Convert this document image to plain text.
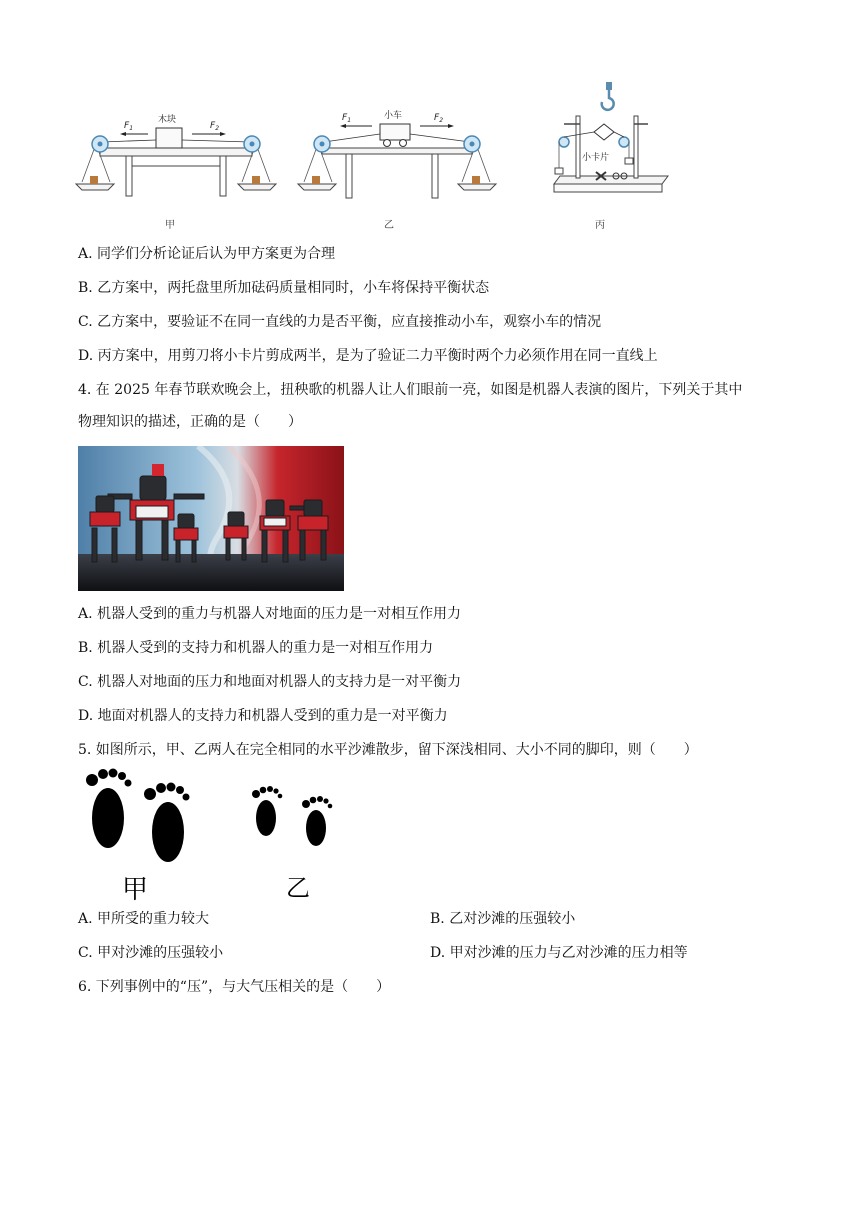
木块
$F_1$	$F_2$
甲
小车
$F_1$	$F_2$
乙
小卡片
丙
A. 同学们分析论证后认为甲方案更为合理
B. 乙方案中，两托盘里所加砝码质量相同时，小车将保持平衡状态
C. 乙方案中，要验证不在同一直线的力是否平衡，应直接推动小车，观察小车的情况
D. 丙方案中，用剪刀将小卡片剪成两半，是为了验证二力平衡时两个力必须作用在同一直线上
4. 在 2025 年春节联欢晚会上，扭秧歌的机器人让人们眼前一亮，如图是机器人表演的图片，下列关于其中
物理知识的描述，正确的是（　　）
A. 机器人受到的重力与机器人对地面的压力是一对相互作用力
B. 机器人受到的支持力和机器人的重力是一对相互作用力
C. 机器人对地面的压力和地面对机器人的支持力是一对平衡力
D. 地面对机器人的支持力和机器人受到的重力是一对平衡力
5. 如图所示，甲、乙两人在完全相同的水平沙滩散步，留下深浅相同、大小不同的脚印，则（　　）
甲	乙
A. 甲所受的重力较大	B. 乙对沙滩的压强较小
C. 甲对沙滩的压强较小	D. 甲对沙滩的压力与乙对沙滩的压力相等
6. 下列事例中的“压”，与大气压相关的是（　　）
